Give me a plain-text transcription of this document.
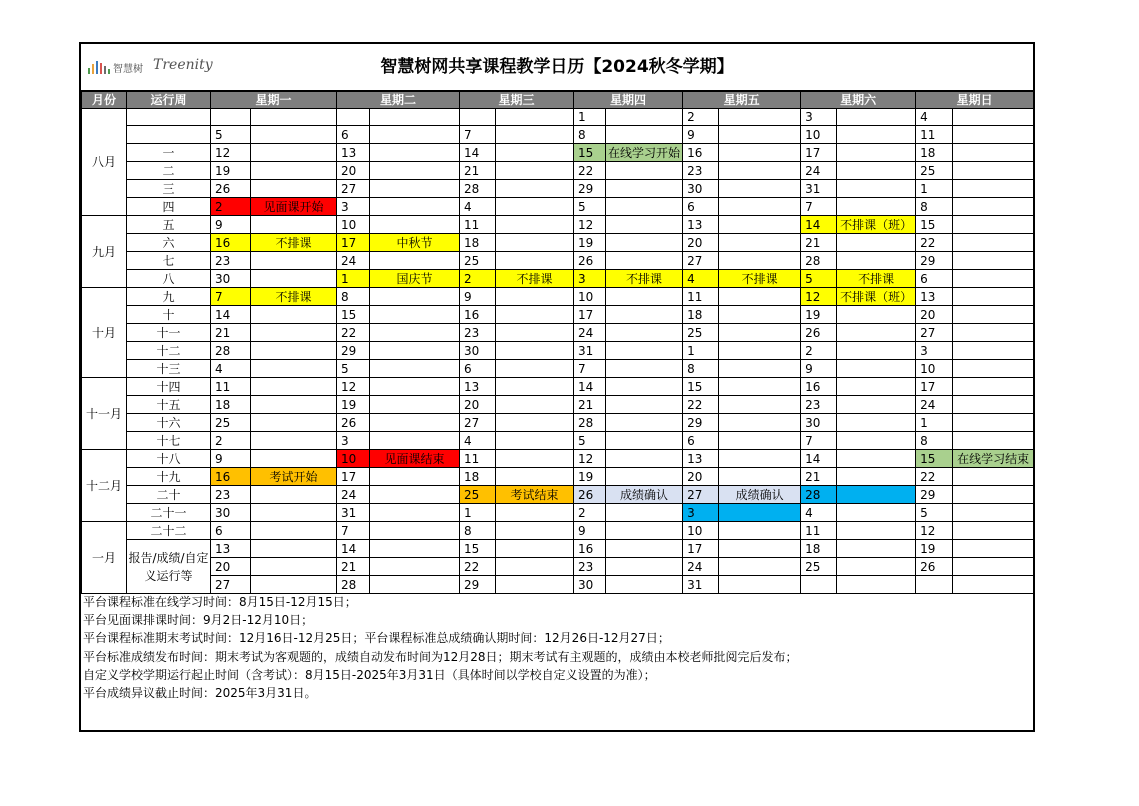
智慧树 Treenity	智慧树网共享课程教学日历【2024秋冬学期】
月份	运行周	星期一		星期二		星期三		星期四		星期五		星期六		星期日	
八月								1		2		3		4	
		5		6		7		8		9		10		11	
	一	12		13		14		15	在线学习开始	16		17		18	
	二	19		20		21		22		23		24		25	
	三	26		27		28		29		30		31		1	
	四	2	见面课开始	3		4		5		6		7		8	
九月	五	9		10		11		12		13		14	不排课（班）	15	
	六	16	不排课	17	中秋节	18		19		20		21		22	
	七	23		24		25		26		27		28		29	
	八	30		1	国庆节	2	不排课	3	不排课	4	不排课	5	不排课	6	
十月	九	7	不排课	8		9		10		11		12	不排课（班）	13	
	十	14		15		16		17		18		19		20	
	十一	21		22		23		24		25		26		27	
	十二	28		29		30		31		1		2		3	
	十三	4		5		6		7		8		9		10	
十一月	十四	11		12		13		14		15		16		17	
	十五	18		19		20		21		22		23		24	
	十六	25		26		27		28		29		30		1	
	十七	2		3		4		5		6		7		8	
十二月	十八	9		10	见面课结束	11		12		13		14		15	在线学习结束
	十九	16	考试开始	17		18		19		20		21		22	
	二十	23		24		25	考试结束	26	成绩确认	27	成绩确认	28		29	
	二十一	30		31		1		2		3		4		5	
一月	二十二	6		7		8		9		10		11		12	
	报告/成绩/自定义运行等	13		14		15		16		17		18		19	
		20		21		22		23		24		25		26	
		27		28		29		30		31					
平台课程标准在线学习时间：8月15日-12月15日；
平台见面课排课时间：9月2日-12月10日；
平台课程标准期末考试时间：12月16日-12月25日；平台课程标准总成绩确认期时间：12月26日-12月27日；
平台标准成绩发布时间：期末考试为客观题的，成绩自动发布时间为12月28日；期末考试有主观题的，成绩由本校老师批阅完后发布；
自定义学校学期运行起止时间（含考试）：8月15日-2025年3月31日（具体时间以学校自定义设置的为准）；
平台成绩异议截止时间：2025年3月31日。
